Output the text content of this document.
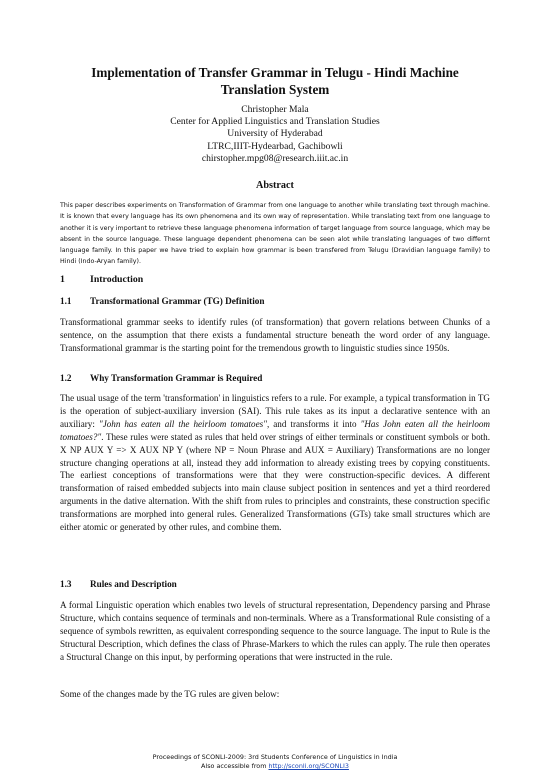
Implementation of Transfer Grammar in Telugu - Hindi Machine Translation System
Christopher Mala
Center for Applied Linguistics and Translation Studies
University of Hyderabad
LTRC,IIIT-Hydearbad, Gachibowli
chirstopher.mpg08@research.iiit.ac.in
Abstract
This paper describes experiments on Transformation of Grammar from one language to another while translating text through machine. It is known that every language has its own phenomena and its own way of representation. While translating text from one language to another it is very important to retrieve these language phenomena information of target language from source language, which may be absent in the source language. These language dependent phenomena can be seen alot while translating languages of two differnt language family. In this paper we have tried to explain how grammar is been transfered from Telugu (Dravidian language family) to Hindi (Indo-Aryan family).
1	Introduction
1.1 Transformational Grammar (TG) Definition
Transformational grammar seeks to identify rules (of transformation) that govern relations between Chunks of a sentence, on the assumption that there exists a fundamental structure beneath the word order of any language. Transformational grammar is the starting point for the tremendous growth to linguistic studies since 1950s.
1.2 Why Transformation Grammar is Required
The usual usage of the term 'transformation' in linguistics refers to a rule. For example, a typical transformation in TG is the operation of subject-auxiliary inversion (SAI). This rule takes as its input a declarative sentence with an auxiliary: "John has eaten all the heirloom tomatoes", and transforms it into "Has John eaten all the heirloom tomatoes?". These rules were stated as rules that held over strings of either terminals or constituent symbols or both. X NP AUX Y => X AUX NP Y (where NP = Noun Phrase and AUX = Auxiliary) Transformations are no longer structure changing operations at all, instead they add information to already existing trees by copying constituents. The earliest conceptions of transformations were that they were construction-specific devices. A different transformation of raised embedded subjects into main clause subject position in sentences and yet a third reordered arguments in the dative alternation. With the shift from rules to principles and constraints, these construction specific transformations are morphed into general rules. Generalized Transformations (GTs) take small structures which are either atomic or generated by other rules, and combine them.
1.3 Rules and Description
A formal Linguistic operation which enables two levels of structural representation, Dependency parsing and Phrase Structure, which contains sequence of terminals and non-terminals. Where as a Transformational Rule consisting of a sequence of symbols rewritten, as equivalent corresponding sequence to the source language. The input to Rule is the Structural Description, which defines the class of Phrase-Markers to which the rules can apply. The rule then operates a Structural Change on this input, by performing operations that were instructed in the rule.
Some of the changes made by the TG rules are given below:
Proceedings of SCONLI-2009: 3rd Students Conference of Linguistics in India
Also accessible from http://sconli.org/SCONLI3
